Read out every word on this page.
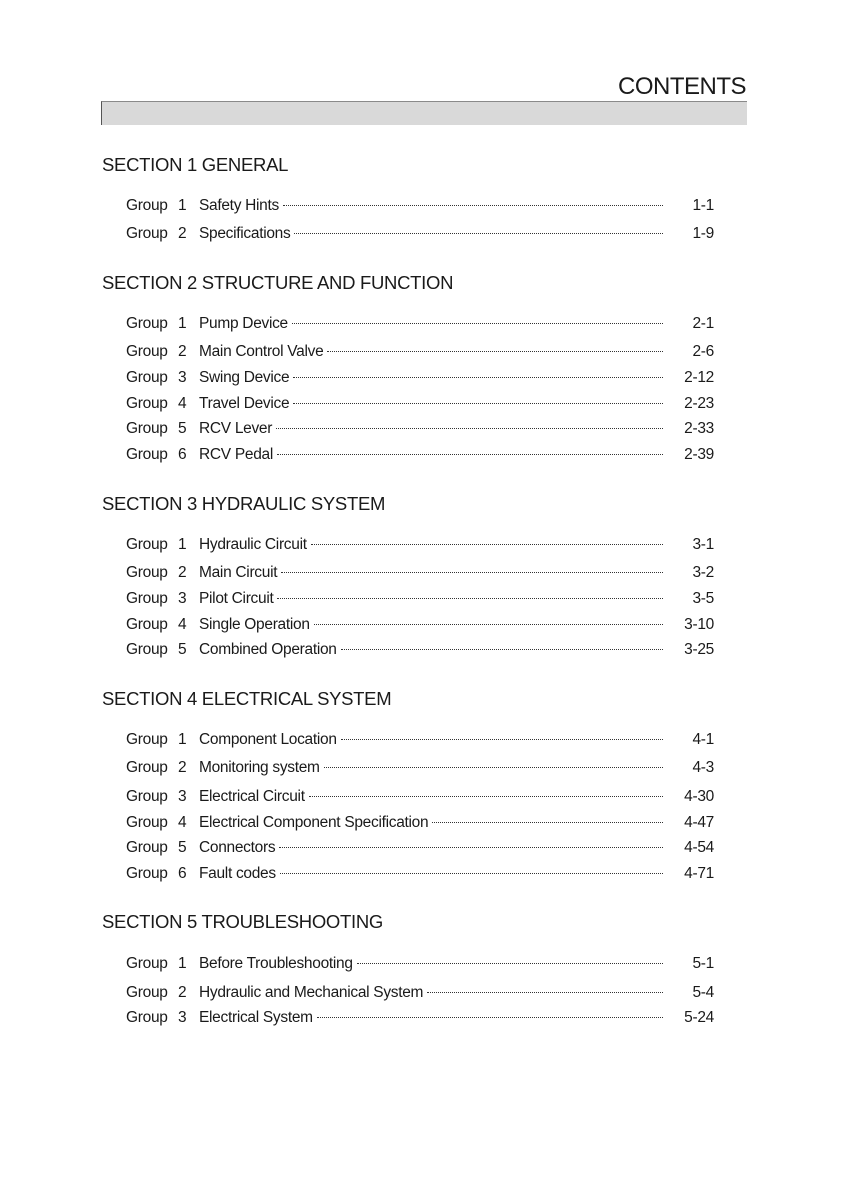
CONTENTS
SECTION 1 GENERAL
Group 1 Safety Hints	1-1
Group 2 Specifications	1-9
SECTION 2 STRUCTURE AND FUNCTION
Group 1 Pump Device	2-1
Group 2 Main Control Valve	2-6
Group 3 Swing Device	2-12
Group 4 Travel Device	2-23
Group 5 RCV Lever	2-33
Group 6 RCV Pedal	2-39
SECTION 3 HYDRAULIC SYSTEM
Group 1 Hydraulic Circuit	3-1
Group 2 Main Circuit	3-2
Group 3 Pilot Circuit	3-5
Group 4 Single Operation	3-10
Group 5 Combined Operation	3-25
SECTION 4 ELECTRICAL SYSTEM
Group 1 Component Location	4-1
Group 2 Monitoring system	4-3
Group 3 Electrical Circuit	4-30
Group 4 Electrical Component Specification	4-47
Group 5 Connectors	4-54
Group 6 Fault codes	4-71
SECTION 5 TROUBLESHOOTING
Group 1 Before Troubleshooting	5-1
Group 2 Hydraulic and Mechanical System	5-4
Group 3 Electrical System	5-24
